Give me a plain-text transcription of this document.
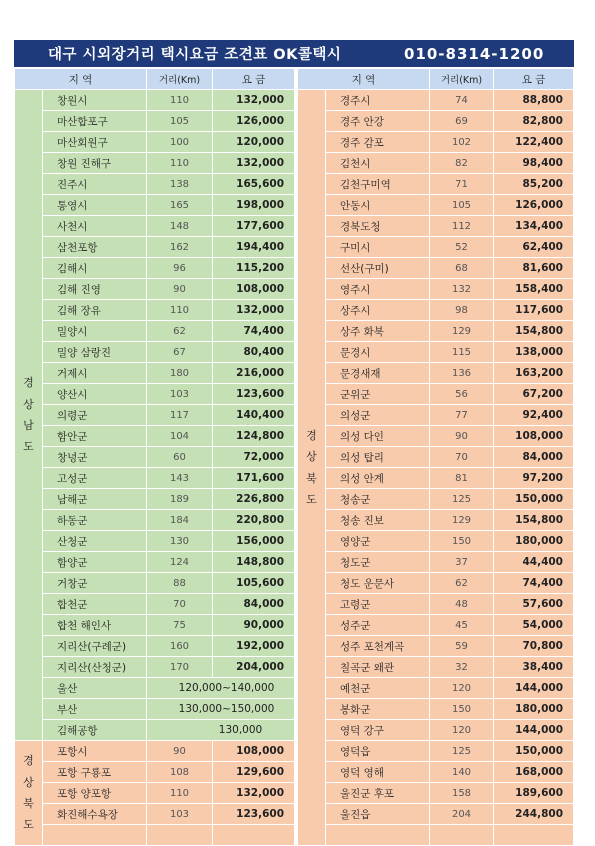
대구 시외장거리 택시요금 조견표 OK콜택시	010-8314-1200
지 역		거리(Km)	요 금

경
상
남
도	창원시	110	132,000
	마산합포구	105	126,000
	마산회원구	100	120,000
	창원 진해구	110	132,000
	진주시	138	165,600
	통영시	165	198,000
	사천시	148	177,600
	삼천포항	162	194,400
	김해시	96	115,200
	김해 진영	90	108,000
	김해 장유	110	132,000
	밀양시	62	74,400
	밀양 삼랑진	67	80,400
	거제시	180	216,000
	양산시	103	123,600
	의령군	117	140,400
	함안군	104	124,800
	창녕군	60	72,000
	고성군	143	171,600
	남해군	189	226,800
	하동군	184	220,800
	산청군	130	156,000
	함양군	124	148,800
	거창군	88	105,600
	합천군	70	84,000
	합천 해인사	75	90,000
	지리산(구례군)	160	192,000
	지리산(산청군)	170	204,000
	울산	120,000~140,000	
	부산	130,000~150,000	
	김해공항	130,000	

경
상
북
도	포항시	90	108,000
	포항 구룡포	108	129,600
	포항 양포항	110	132,000
	화진해수욕장	103	123,600

지 역		거리(Km)	요 금

경
상
북
도	경주시	74	88,800
	경주 안강	69	82,800
	경주 감포	102	122,400
	김천시	82	98,400
	김천구미역	71	85,200
	안동시	105	126,000
	경북도청	112	134,400
	구미시	52	62,400
	선산(구미)	68	81,600
	영주시	132	158,400
	상주시	98	117,600
	상주 화북	129	154,800
	문경시	115	138,000
	문경새재	136	163,200
	군위군	56	67,200
	의성군	77	92,400
	의성 다인	90	108,000
	의성 탑리	70	84,000
	의성 안계	81	97,200
	청송군	125	150,000
	청송 진보	129	154,800
	영양군	150	180,000
	청도군	37	44,400
	청도 운문사	62	74,400
	고령군	48	57,600
	성주군	45	54,000
	성주 포천계곡	59	70,800
	칠곡군 왜관	32	38,400
	예천군	120	144,000
	봉화군	150	180,000
	영덕 강구	120	144,000
	영덕읍	125	150,000
	영덕 영해	140	168,000
	울진군 후포	158	189,600
	울진읍	204	244,800
